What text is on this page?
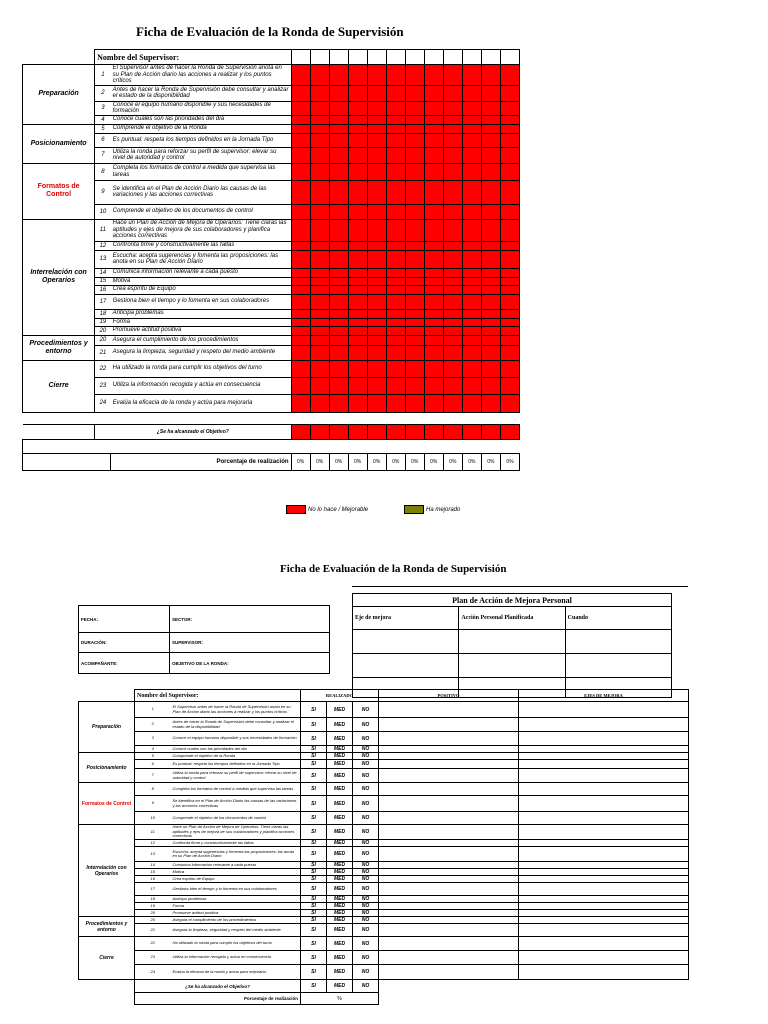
Ficha de Evaluación de la Ronda de Supervisión
	Nombre del Supervisor:													
Preparación	1	El Supervisor antes de hacer la Ronda de Supervisión anota en su Plan de Acción diario las acciones a realizar y los puntos críticos												
	2	Antes de hacer la Ronda de Supervisión debe consultar y analizar el estado de la disponibilidad												
	3	Conoce el equipo humano disponible y sus necesidades de formación												
	4	Conoce cuales son las prioridades del día												
Posicionamiento	5	Comprende el objetivo de la Ronda												
	6	Es puntual: respeta los tiempos definidos en la Jornada Tipo												
	7	Utiliza la ronda para reforzar su perfil de supervisor: elevar su nivel de autoridad y control												
Formatos de Control	8	Completa los formatos de control a medida que supervisa las tareas												
	9	Se identifica en el Plan de Acción Diario las causas de las variaciones y las acciones correctivas												
	10	Comprende el objetivo de los documentos de control												
Interrelación con Operarios	11	Hace un Plan de Acción de Mejora de Operarios: Tiene claras las aptitudes y ejes de mejora de sus colaboradores y planifica acciones correctivas												
	12	Confronta firme y constructivamente las faltas												
	13	Escucha: acepta sugerencias y fomenta las proposiciones: las anota en su Plan de Acción Diario												
	14	Comunica información relevante a cada puesto												
	15	Motiva												
	16	Crea espíritu de Equipo												
	17	Gestiona bien el tiempo y lo fomenta en sus colaboradores												
	18	Anticipa problemas												
	19	Forma												
	20	Promueve actitud positiva												
Procedimientos y entorno	20	Asegura el cumplimiento de los procedimientos												
	21	Asegura la limpieza, seguridad y respeto del medio ambiente												
Cierre	22	Ha utilizado la ronda para cumplir los objetivos del turno												
	23	Utiliza la información recogida y actúa en consecuencia												
	24	Evalúa la eficacia de la ronda y actúa para mejorarla												

	¿Se ha alcanzado el Objetivo?													

		Porcentaje de realización	0%	0%	0%	0%	0%	0%	0%	0%	0%	0%	0%	0%
No lo hace / Mejorable	Ha mejorado
Ficha de Evaluación de la Ronda de Supervisión
FECHA:	SECTOR:
DURACIÓN:	SUPERVISOR:
ACOMPAÑANTE:	OBJETIVO DE LA RONDA:
Plan de Acción de Mejora Personal		
Eje de mejora	Acción Personal Planificada	Cuando

	Nombre del Supervisor:		REALIZADO			POSITIVO	EJES DE MEJORA
Preparación	1	El Supervisor antes de hacer la Ronda de Supervisión anota en su Plan de Acción diario las acciones a realizar y los puntos críticos	SI	MED	NO		
	2	Antes de hacer la Ronda de Supervisión debe consultar y analizar el estado de la disponibilidad	SI	MED	NO		
	3	Conoce el equipo humano disponible y sus necesidades de formación	SI	MED	NO		
	4	Conoce cuales son las prioridades del día	SI	MED	NO		
Posicionamiento	5	Comprende el objetivo de la Ronda	SI	MED	NO		
	6	Es puntual: respeta los tiempos definidos en la Jornada Tipo	SI	MED	NO		
	7	Utiliza la ronda para reforzar su perfil de supervisor: elevar su nivel de autoridad y control	SI	MED	NO		
Formatos de Control	8	Completa los formatos de control a medida que supervisa las tareas	SI	MED	NO		
	9	Se identifica en el Plan de Acción Diario las causas de las variaciones y las acciones correctivas	SI	MED	NO		
	10	Comprende el objetivo de los documentos de control	SI	MED	NO		
Interrelación con Operarios	11	Hace un Plan de Acción de Mejora de Operarios: Tiene claras las aptitudes y ejes de mejora de sus colaboradores y planifica acciones correctivas	SI	MED	NO		
	12	Confronta firme y constructivamente las faltas	SI	MED	NO		
	13	Escucha: acepta sugerencias y fomenta las proposiciones: las anota en su Plan de Acción Diario	SI	MED	NO		
	14	Comunica información relevante a cada puesto	SI	MED	NO		
	15	Motiva	SI	MED	NO		
	16	Crea espíritu de Equipo	SI	MED	NO		
	17	Gestiona bien el tiempo y lo fomenta en sus colaboradores	SI	MED	NO		
	18	Anticipa problemas	SI	MED	NO		
	19	Forma	SI	MED	NO		
	20	Promueve actitud positiva	SI	MED	NO		
Procedimientos y entorno	20	Asegura el cumplimiento de los procedimientos	SI	MED	NO		
	21	Asegura la limpieza, seguridad y respeto del medio ambiente	SI	MED	NO		
Cierre	22	Ha utilizado la ronda para cumplir los objetivos del turno	SI	MED	NO		
	23	Utiliza la información recogida y actúa en consecuencia	SI	MED	NO		
	24	Evalúa la eficacia de la ronda y actúa para mejorarla	SI	MED	NO		
	¿Se ha alcanzado el Objetivo?		SI	MED	NO		
	Porcentaje de realización		%				
